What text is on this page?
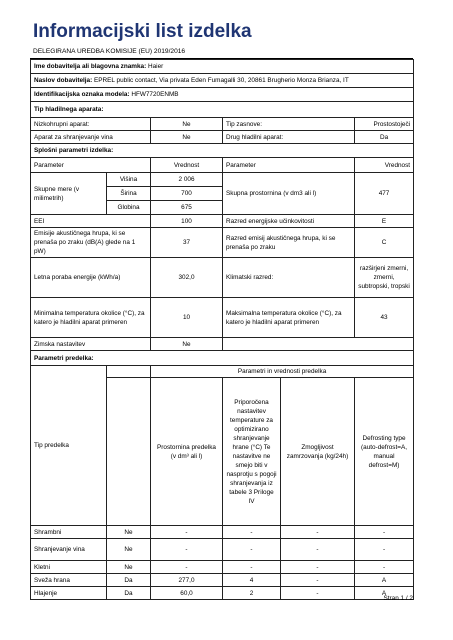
Informacijski list izdelka
DELEGIRANA UREDBA KOMISIJE (EU) 2019/2016
Ime dobavitelja ali blagovna znamka: Haier					
Naslov dobavitelja: EPREL public contact, Via privata Eden Fumagalli 30, 20861 Brugherio Monza Brianza, IT					
Identifikacijska oznaka modela: HFW7720ENMB					
Tip hladilnega aparata:					
Nizkohrupni aparat:		Ne	Tip zasnove:		Prostostoječi
Aparat za shranjevanje vina		Ne	Drug hladilni aparat:		Da
Splošni parametri izdelka:					
Parameter		Vrednost	Parameter		Vrednost
Skupne mere (v milimetrih)	Višina	2 006	Skupna prostornina (v dm3 ali l)		477
	Širina	700			
	Globina	675			
EEI		100	Razred energijske učinkovitosti		E
Emisije akustičnega hrupa, ki se prenaša po zraku (dB(A) glede na 1 pW)		37	Razred emisij akustičnega hrupa, ki se prenaša po zraku		C
Letna poraba energije (kWh/a)		302,0	Klimatski razred:		razširjeni zmerni, zmerni, subtropski, tropski
Minimalna temperatura okolice (°C), za katero je hladilni aparat primeren		10	Maksimalna temperatura okolice (°C), za katero je hladilni aparat primeren		43
Zimska nastavitev		Ne			
Parametri predelka:					
Tip predelka		Parametri in vrednosti predelka			
		Prostornina predelka (v dm³ ali l)	Priporočena nastavitev temperature za optimizirano shranjevanje hrane (°C) Te nastavitve ne smejo biti v nasprotju s pogoji shranjevanja iz tabele 3 Priloge IV	Zmogljivost zamrzovanja (kg/24h)	Defrosting type (auto-defrost=A, manual defrost=M)
Shrambni	Ne	-	-	-	-
Shranjevanje vina	Ne	-	-	-	-
Kletni	Ne	-	-	-	-
Sveža hrana	Da	277,0	4	-	A
Hlajenje	Da	60,0	2	-	A
Stran 1 / 2
